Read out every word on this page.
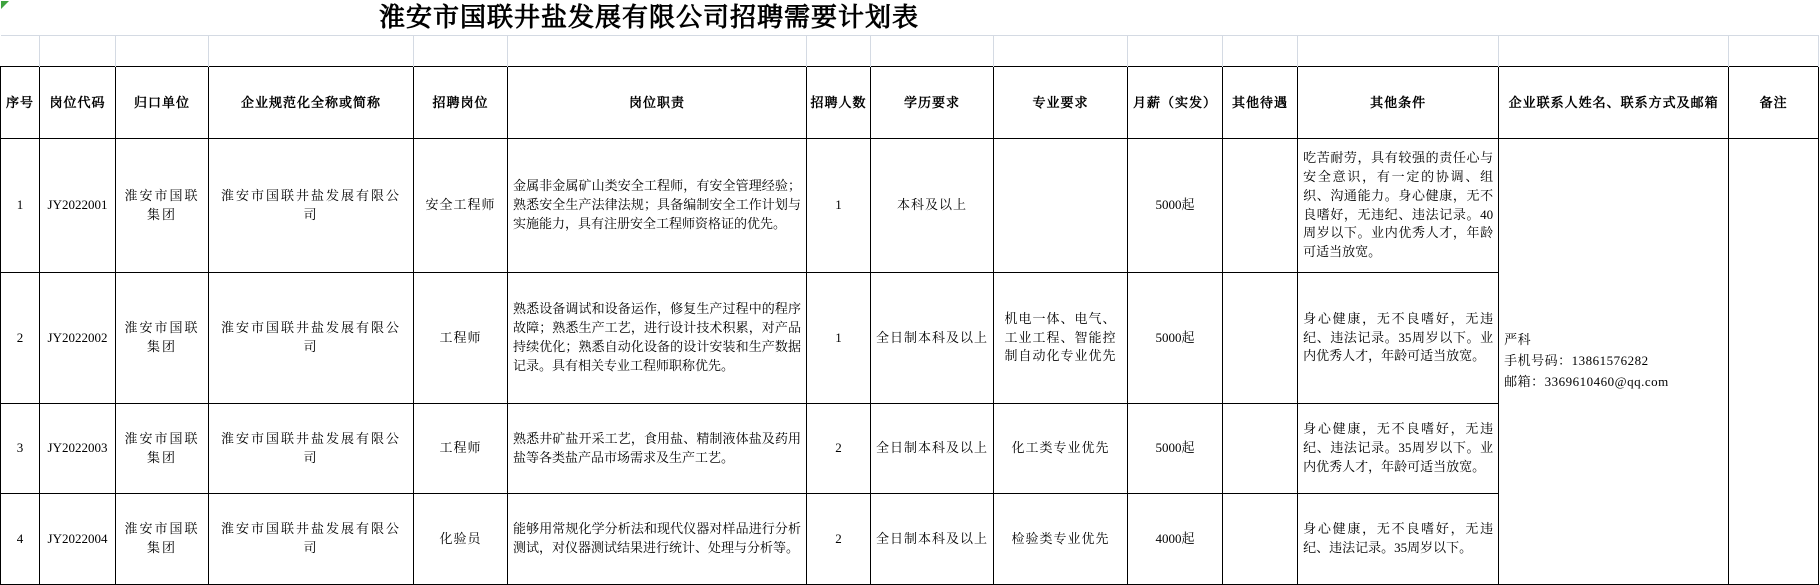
淮安市国联井盐发展有限公司招聘需要计划表													

序号	岗位代码	归口单位	企业规范化全称或简称	招聘岗位	岗位职责	招聘人数	学历要求	专业要求	月薪（实发）	其他待遇	其他条件	企业联系人姓名、联系方式及邮箱	备注
1	JY2022001	淮安市国联集团	淮安市国联井盐发展有限公司	安全工程师	金属非金属矿山类安全工程师，有安全管理经验；熟悉安全生产法律法规；具备编制安全工作计划与实施能力，具有注册安全工程师资格证的优先。	1	本科及以上		5000起		吃苦耐劳，具有较强的责任心与安全意识，有一定的协调、组织、沟通能力。身心健康，无不良嗜好，无违纪、违法记录。40周岁以下。业内优秀人才，年龄可适当放宽。	严科
手机号码：13861576282
邮箱：3369610460@qq.com	

2	JY2022002	淮安市国联集团	淮安市国联井盐发展有限公司	工程师	熟悉设备调试和设备运作，修复生产过程中的程序故障；熟悉生产工艺，进行设计技术积累，对产品持续优化；熟悉自动化设备的设计安装和生产数据记录。具有相关专业工程师职称优先。	1	全日制本科及以上	机电一体、电气、工业工程、智能控制自动化专业优先	5000起		身心健康，无不良嗜好，无违纪、违法记录。35周岁以下。业内优秀人才，年龄可适当放宽。		
3	JY2022003	淮安市国联集团	淮安市国联井盐发展有限公司	工程师	熟悉井矿盐开采工艺，食用盐、精制液体盐及药用盐等各类盐产品市场需求及生产工艺。	2	全日制本科及以上	化工类专业优先	5000起		身心健康，无不良嗜好，无违纪、违法记录。35周岁以下。业内优秀人才，年龄可适当放宽。		
4	JY2022004	淮安市国联集团	淮安市国联井盐发展有限公司	化验员	能够用常规化学分析法和现代仪器对样品进行分析测试，对仪器测试结果进行统计、处理与分析等。	2	全日制本科及以上	检验类专业优先	4000起		身心健康，无不良嗜好，无违纪、违法记录。35周岁以下。		
